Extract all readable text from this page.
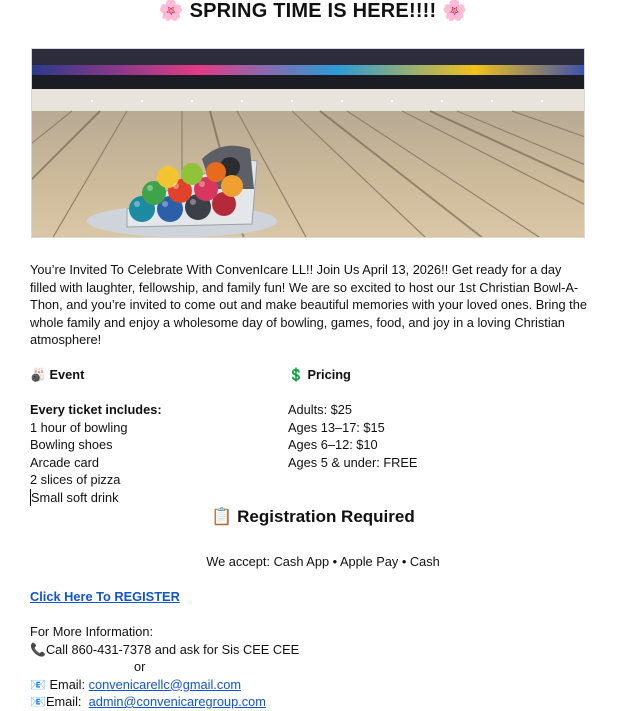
🌸 SPRING TIME IS HERE!!!! 🌸
You’re Invited To Celebrate With ConvenIcare LL!! Join Us April 13, 2026!! Get ready for a day filled with laughter, fellowship, and family fun! We are so excited to host our 1st Christian Bowl-A-Thon, and you’re invited to come out and make beautiful memories with your loved ones. Bring the whole family and enjoy a wholesome day of bowling, games, food, and joy in a loving Christian atmosphere!
🎳 Event
Every ticket includes:
1 hour of bowling
Bowling shoes
Arcade card
2 slices of pizza
Small soft drink
💲 Pricing
Adults: $25
Ages 13–17: $15
Ages 6–12: $10
Ages 5 & under: FREE
📋 Registration Required
We accept: Cash App • Apple Pay • Cash
Click Here To REGISTER
For More Information:
📞Call 860-431-7378 and ask for Sis CEE CEE
or
📧 Email: convenicarellc@gmail.com
📧Email: admin@convenicaregroup.com
